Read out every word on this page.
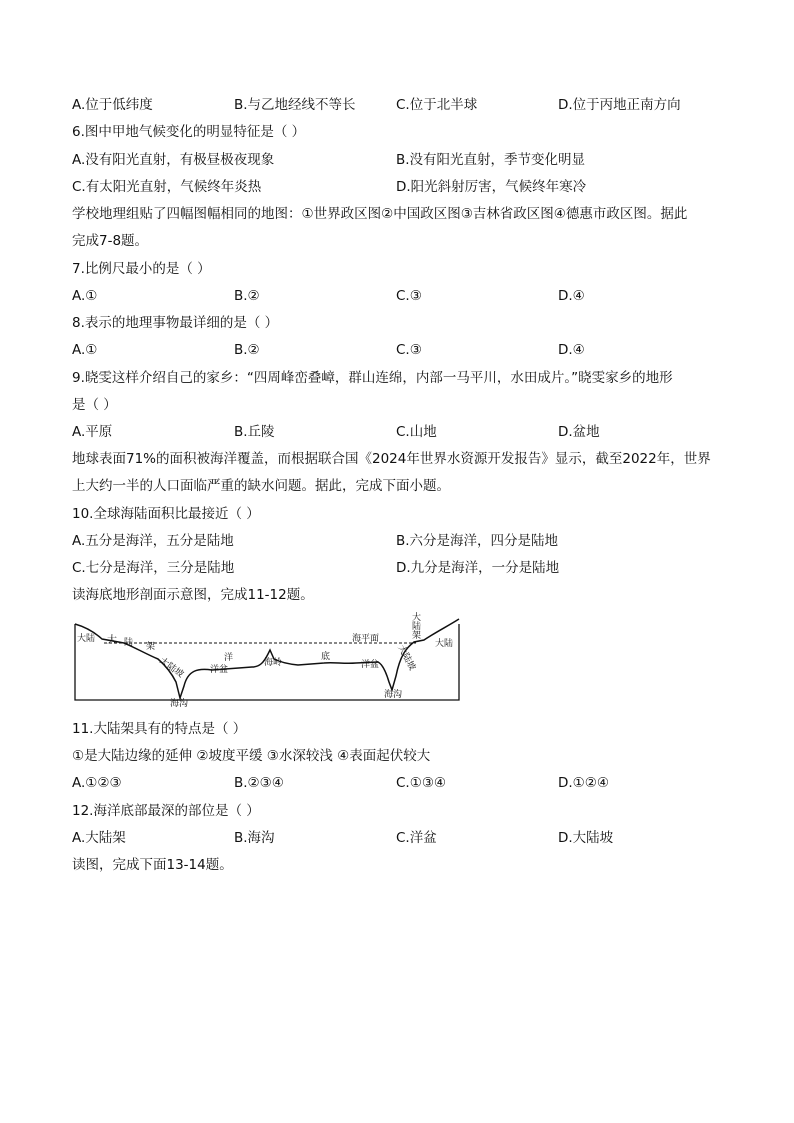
A.位于低纬度	B.与乙地经线不等长	C.位于北半球	D.位于丙地正南方向
6.图中甲地气候变化的明显特征是（ ）
A.没有阳光直射，有极昼极夜现象	B.没有阳光直射，季节变化明显
C.有太阳光直射，气候终年炎热	D.阳光斜射厉害，气候终年寒冷
学校地理组贴了四幅图幅相同的地图：①世界政区图②中国政区图③吉林省政区图④德惠市政区图。据此
完成7-8题。
7.比例尺最小的是（ ）
A.①	B.②	C.③	D.④
8.表示的地理事物最详细的是（ ）
A.①	B.②	C.③	D.④
9.晓雯这样介绍自己的家乡：“四周峰峦叠嶂，群山连绵，内部一马平川，水田成片。”晓雯家乡的地形
是（ ）
A.平原	B.丘陵	C.山地	D.盆地
地球表面71%的面积被海洋覆盖，而根据联合国《2024年世界水资源开发报告》显示，截至2022年，世界
上大约一半的人口面临严重的缺水问题。据此，完成下面小题。
10.全球海陆面积比最接近（ ）
A.五分是海洋，五分是陆地	B.六分是海洋，四分是陆地
C.七分是海洋，三分是陆地	D.九分是海洋，一分是陆地
读海底地形剖面示意图，完成11-12题。
大陆 大 陆 架
大陆坡
海沟
洋
洋盆
海岭
底
海平面
洋盆
大
陆
架
大陆坡
海沟
大陆
11.大陆架具有的特点是（ ）
①是大陆边缘的延伸 ②坡度平缓 ③水深较浅 ④表面起伏较大
A.①②③	B.②③④	C.①③④	D.①②④
12.海洋底部最深的部位是（ ）
A.大陆架	B.海沟	C.洋盆	D.大陆坡
读图，完成下面13-14题。
